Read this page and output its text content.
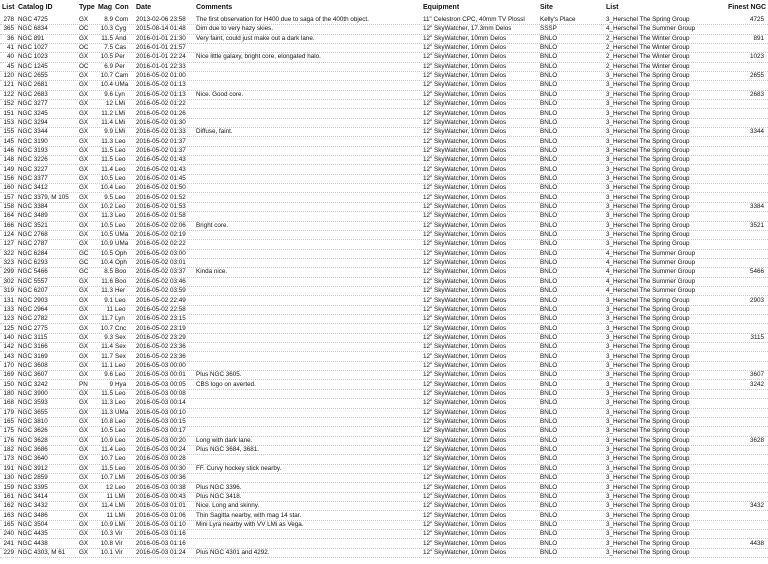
List Catalog ID	Type Mag Con Date	Comments	Equipment	Site	List	Finest NGC
278 NGC 4725	GX	8.9 Com 2013-02-06 23:58 The first observation for H400 due to saga of the 400th object.	11" Celestron CPC, 40mm TV Plossl Kelly's Place	3_Herschel The Spring Group	4725
365 NGC 6834	OC	10.3 Cyg 2015-08-14 01:48 Dim due to very hazy skies.	12" SkyWatcher, 17.3mm Delos	SSSP	4_Herschel The Summer Group
36 NGC 891	GX	11.5 And 2016-01-01 21:30 Very faint, could just make out a dark lane.	12" SkyWatcher, 10mm Delos	BNLO	2_Herschel The Winter Group	891
41 NGC 1027	OC	7.5 Cas 2016-01-01 21:57	12" SkyWatcher, 10mm Delos	BNLO	2_Herschel The Winter Group
40 NGC 1023	GX	10.5 Per 2016-01-01 22:24 Nice little galaxy, bright core, elongated halo.	12" SkyWatcher, 10mm Delos	BNLO	2_Herschel The Winter Group	1023
45 NGC 1245	OC	6.9 Per 2016-01-01 22:33	12" SkyWatcher, 10mm Delos	BNLO	2_Herschel The Winter Group
120 NGC 2655	GX	10.7 Cam 2016-05-02 01:00	12" SkyWatcher, 10mm Delos	BNLO	3_Herschel The Spring Group	2655
121 NGC 2681	GX	10.4 UMa 2016-05-02 01:13	12" SkyWatcher, 10mm Delos	BNLO	3_Herschel The Spring Group
122 NGC 2683	GX	9.6 Lyn 2016-05-02 01:13 Nice. Good core.	12" SkyWatcher, 10mm Delos	BNLO	3_Herschel The Spring Group	2683
152 NGC 3277	GX	12 LMi 2016-05-02 01:22	12" SkyWatcher, 10mm Delos	BNLO	3_Herschel The Spring Group
151 NGC 3245	GX	11.2 LMi 2016-05-02 01:26	12" SkyWatcher, 10mm Delos	BNLO	3_Herschel The Spring Group
153 NGC 3294	GX	11.4 LMi 2016-05-02 01:30	12" SkyWatcher, 10mm Delos	BNLO	3_Herschel The Spring Group
155 NGC 3344	GX	9.9 LMi 2016-05-02 01:33 Diffuse, faint.	12" SkyWatcher, 10mm Delos	BNLO	3_Herschel The Spring Group	3344
145 NGC 3190	GX	11.3 Leo 2016-05-02 01:37	12" SkyWatcher, 10mm Delos	BNLO	3_Herschel The Spring Group
146 NGC 3193	GX	11.5 Leo 2016-05-02 01:37	12" SkyWatcher, 10mm Delos	BNLO	3_Herschel The Spring Group
148 NGC 3226	GX	11.5 Leo 2016-05-02 01:43	12" SkyWatcher, 10mm Delos	BNLO	3_Herschel The Spring Group
149 NGC 3227	GX	11.4 Leo 2016-05-02 01:43	12" SkyWatcher, 10mm Delos	BNLO	3_Herschel The Spring Group
156 NGC 3377	GX	10.5 Leo 2016-05-02 01:45	12" SkyWatcher, 10mm Delos	BNLO	3_Herschel The Spring Group
160 NGC 3412	GX	10.4 Leo 2016-05-02 01:50	12" SkyWatcher, 10mm Delos	BNLO	3_Herschel The Spring Group
157 NGC 3379, M 105 GX	9.5 Leo 2016-05-02 01:52	12" SkyWatcher, 10mm Delos	BNLO	3_Herschel The Spring Group
158 NGC 3384	GX	10.2 Leo 2016-05-02 01:53	12" SkyWatcher, 10mm Delos	BNLO	3_Herschel The Spring Group	3384
164 NGC 3489	GX	11.3 Leo 2016-05-02 01:58	12" SkyWatcher, 10mm Delos	BNLO	3_Herschel The Spring Group
166 NGC 3521	GX	10.5 Leo 2016-05-02 02:06 Bright core.	12" SkyWatcher, 10mm Delos	BNLO	3_Herschel The Spring Group	3521
124 NGC 2768	GX	10.5 UMa 2016-05-02 02:19	12" SkyWatcher, 10mm Delos	BNLO	3_Herschel The Spring Group
127 NGC 2787	GX	10.9 UMa 2016-05-02 02:22	12" SkyWatcher, 10mm Delos	BNLO	3_Herschel The Spring Group
322 NGC 6284	GC	10.5 Oph 2016-05-02 03:00	12" SkyWatcher, 10mm Delos	BNLO	4_Herschel The Summer Group
323 NGC 6293	GC	10.4 Oph 2016-05-02 03:01	12" SkyWatcher, 10mm Delos	BNLO	4_Herschel The Summer Group
299 NGC 5466	GC	8.5 Boo 2016-05-02 03:37 Kinda nice.	12" SkyWatcher, 10mm Delos	BNLO	4_Herschel The Summer Group	5466
302 NGC 5557	GX	11.6 Boo 2016-05-02 03:46	12" SkyWatcher, 10mm Delos	BNLO	4_Herschel The Summer Group
319 NGC 6207	GX	11.3 Her 2016-05-02 03:59	12" SkyWatcher, 10mm Delos	BNLO	4_Herschel The Summer Group
131 NGC 2903	GX	9.1 Leo 2016-05-02 22:49	12" SkyWatcher, 10mm Delos	BNLO	3_Herschel The Spring Group	2903
133 NGC 2964	GX	11 Leo 2016-05-02 22:58	12" SkyWatcher, 10mm Delos	BNLO	3_Herschel The Spring Group
123 NGC 2782	GX	11.7 Lyn 2016-05-02 23:15	12" SkyWatcher, 10mm Delos	BNLO	3_Herschel The Spring Group
125 NGC 2775	GX	10.7 Cnc 2016-05-02 23:19	12" SkyWatcher, 10mm Delos	BNLO	3_Herschel The Spring Group
140 NGC 3115	GX	9.3 Sex 2016-05-02 23:29	12" SkyWatcher, 10mm Delos	BNLO	3_Herschel The Spring Group	3115
142 NGC 3166	GX	11.4 Sex 2016-05-02 23:36	12" SkyWatcher, 10mm Delos	BNLO	3_Herschel The Spring Group
143 NGC 3169	GX	11.7 Sex 2016-05-02 23:36	12" SkyWatcher, 10mm Delos	BNLO	3_Herschel The Spring Group
170 NGC 3608	GX	11.1 Leo 2016-05-03 00:00	12" SkyWatcher, 10mm Delos	BNLO	3_Herschel The Spring Group
169 NGC 3607	GX	9.6 Leo 2016-05-03 00:01 Plus NGC 3605.	12" SkyWatcher, 10mm Delos	BNLO	3_Herschel The Spring Group	3607
150 NGC 3242	PN	9 Hya 2016-05-03 00:05 CBS logo on averted.	12" SkyWatcher, 10mm Delos	BNLO	3_Herschel The Spring Group	3242
180 NGC 3900	GX	11.5 Leo 2016-05-03 00:08	12" SkyWatcher, 10mm Delos	BNLO	3_Herschel The Spring Group
168 NGC 3593	GX	11.3 Leo 2016-05-03 00:14	12" SkyWatcher, 10mm Delos	BNLO	3_Herschel The Spring Group
179 NGC 3655	GX	11.3 UMa 2016-05-03 00:10	12" SkyWatcher, 10mm Delos	BNLO	3_Herschel The Spring Group
165 NGC 3810	GX	10.8 Leo 2016-05-03 00:15	12" SkyWatcher, 10mm Delos	BNLO	3_Herschel The Spring Group
175 NGC 3626	GX	10.5 Leo 2016-05-03 00:17	12" SkyWatcher, 10mm Delos	BNLO	3_Herschel The Spring Group
176 NGC 3628	GX	10.9 Leo 2016-05-03 00:20 Long with dark lane.	12" SkyWatcher, 10mm Delos	BNLO	3_Herschel The Spring Group	3628
182 NGC 3686	GX	11.4 Leo 2016-05-03 00:24 Plus NGC 3684, 3681.	12" SkyWatcher, 10mm Delos	BNLO	3_Herschel The Spring Group
173 NGC 3640	GX	10.7 Leo 2016-05-03 00:28	12" SkyWatcher, 10mm Delos	BNLO	3_Herschel The Spring Group
191 NGC 3912	GX	11.5 Leo 2016-05-03 00:30 FF. Curvy hockey stick nearby.	12" SkyWatcher, 10mm Delos	BNLO	3_Herschel The Spring Group
130 NGC 2859	GX	10.7 LMi 2016-05-03 00:36	12" SkyWatcher, 10mm Delos	BNLO	3_Herschel The Spring Group
159 NGC 3395	GX	12 Leo 2016-05-03 00:38 Plus NGC 3396.	12" SkyWatcher, 10mm Delos	BNLO	3_Herschel The Spring Group
161 NGC 3414	GX	11 LMi 2016-05-03 00:43 Plus NGC 3418.	12" SkyWatcher, 10mm Delos	BNLO	3_Herschel The Spring Group
162 NGC 3432	GX	11.4 LMi 2016-05-03 01:01 Nice. Long and skinny.	12" SkyWatcher, 10mm Delos	BNLO	3_Herschel The Spring Group	3432
163 NGC 3486	GX	11 LMi 2016-05-03 01:06 Thin Sagitta nearby, with mag 14 star.	12" SkyWatcher, 10mm Delos	BNLO	3_Herschel The Spring Group
165 NGC 3504	GX	10.9 LMi 2016-05-03 01:10 Mini Lyra nearby with VV LMi as Vega.	12" SkyWatcher, 10mm Delos	BNLO	3_Herschel The Spring Group
240 NGC 4435	GX	10.3 Vir 2016-05-03 01:16	12" SkyWatcher, 10mm Delos	BNLO	3_Herschel The Spring Group
241 NGC 4438	GX	10.8 Vir 2016-05-03 01:16	12" SkyWatcher, 10mm Delos	BNLO	3_Herschel The Spring Group	4438
229 NGC 4303, M 61 GX	10.1 Vir 2016-05-03 01:24 Plus NGC 4301 and 4292.	12" SkyWatcher, 10mm Delos	BNLO	3_Herschel The Spring Group
